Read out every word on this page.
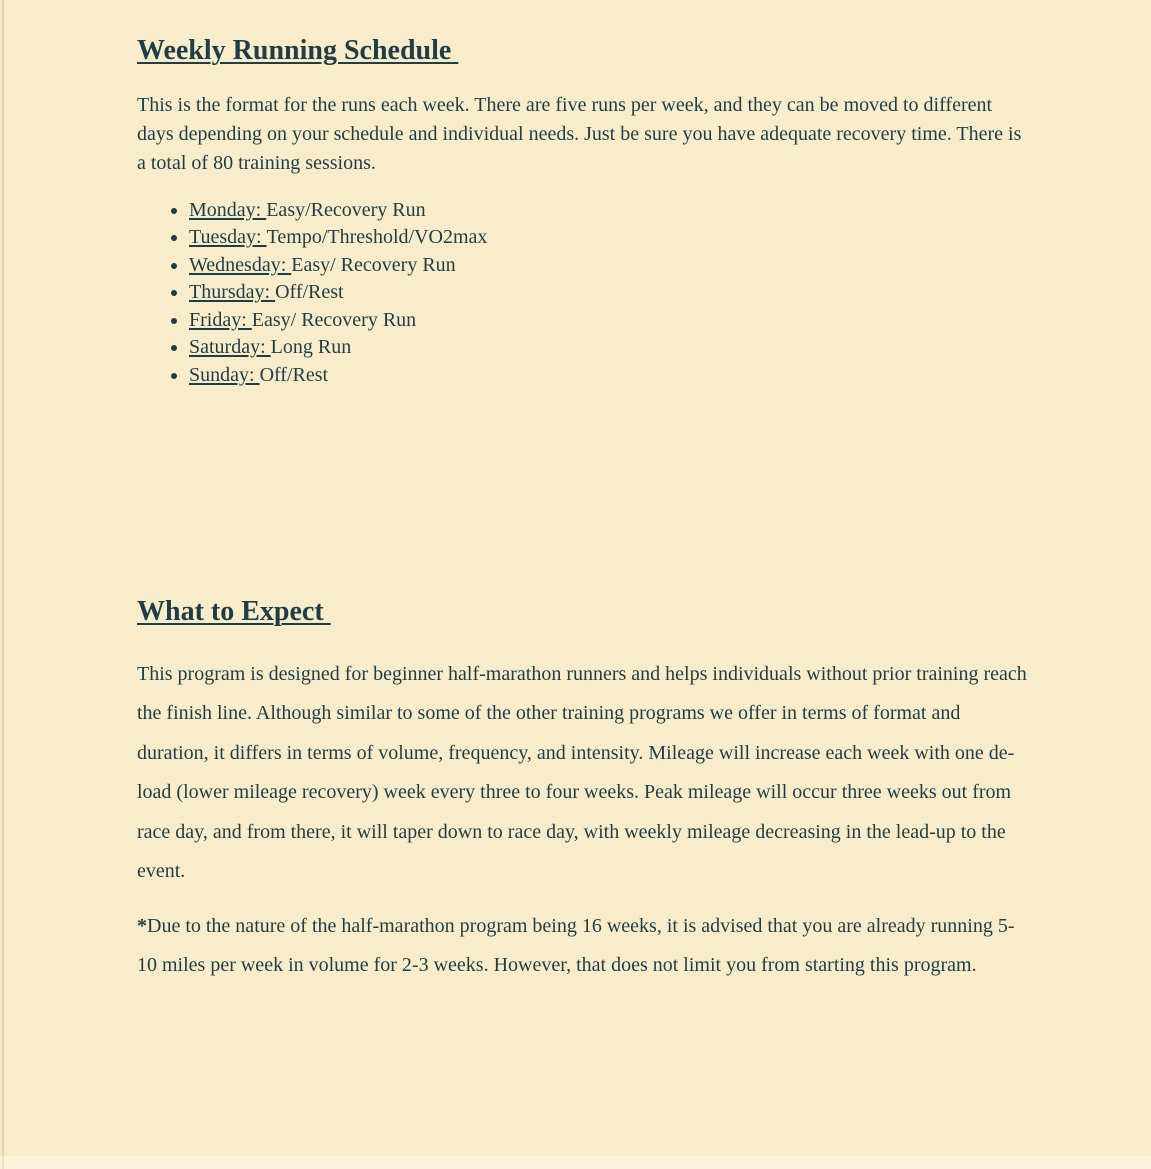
Weekly Running Schedule

This is the format for the runs each week. There are five runs per week, and they can be moved to different days depending on your schedule and individual needs. Just be sure you have adequate recovery time. There is a total of 80 training sessions.

• Monday: Easy/Recovery Run
• Tuesday: Tempo/Threshold/VO2max
• Wednesday: Easy/ Recovery Run
• Thursday: Off/Rest
• Friday: Easy/ Recovery Run
• Saturday: Long Run
• Sunday: Off/Rest
What to Expect

This program is designed for beginner half-marathon runners and helps individuals without prior training reach the finish line. Although similar to some of the other training programs we offer in terms of format and duration, it differs in terms of volume, frequency, and intensity. Mileage will increase each week with one de-load (lower mileage recovery) week every three to four weeks. Peak mileage will occur three weeks out from race day, and from there, it will taper down to race day, with weekly mileage decreasing in the lead-up to the event.

*Due to the nature of the half-marathon program being 16 weeks, it is advised that you are already running 5-10 miles per week in volume for 2-3 weeks. However, that does not limit you from starting this program.
